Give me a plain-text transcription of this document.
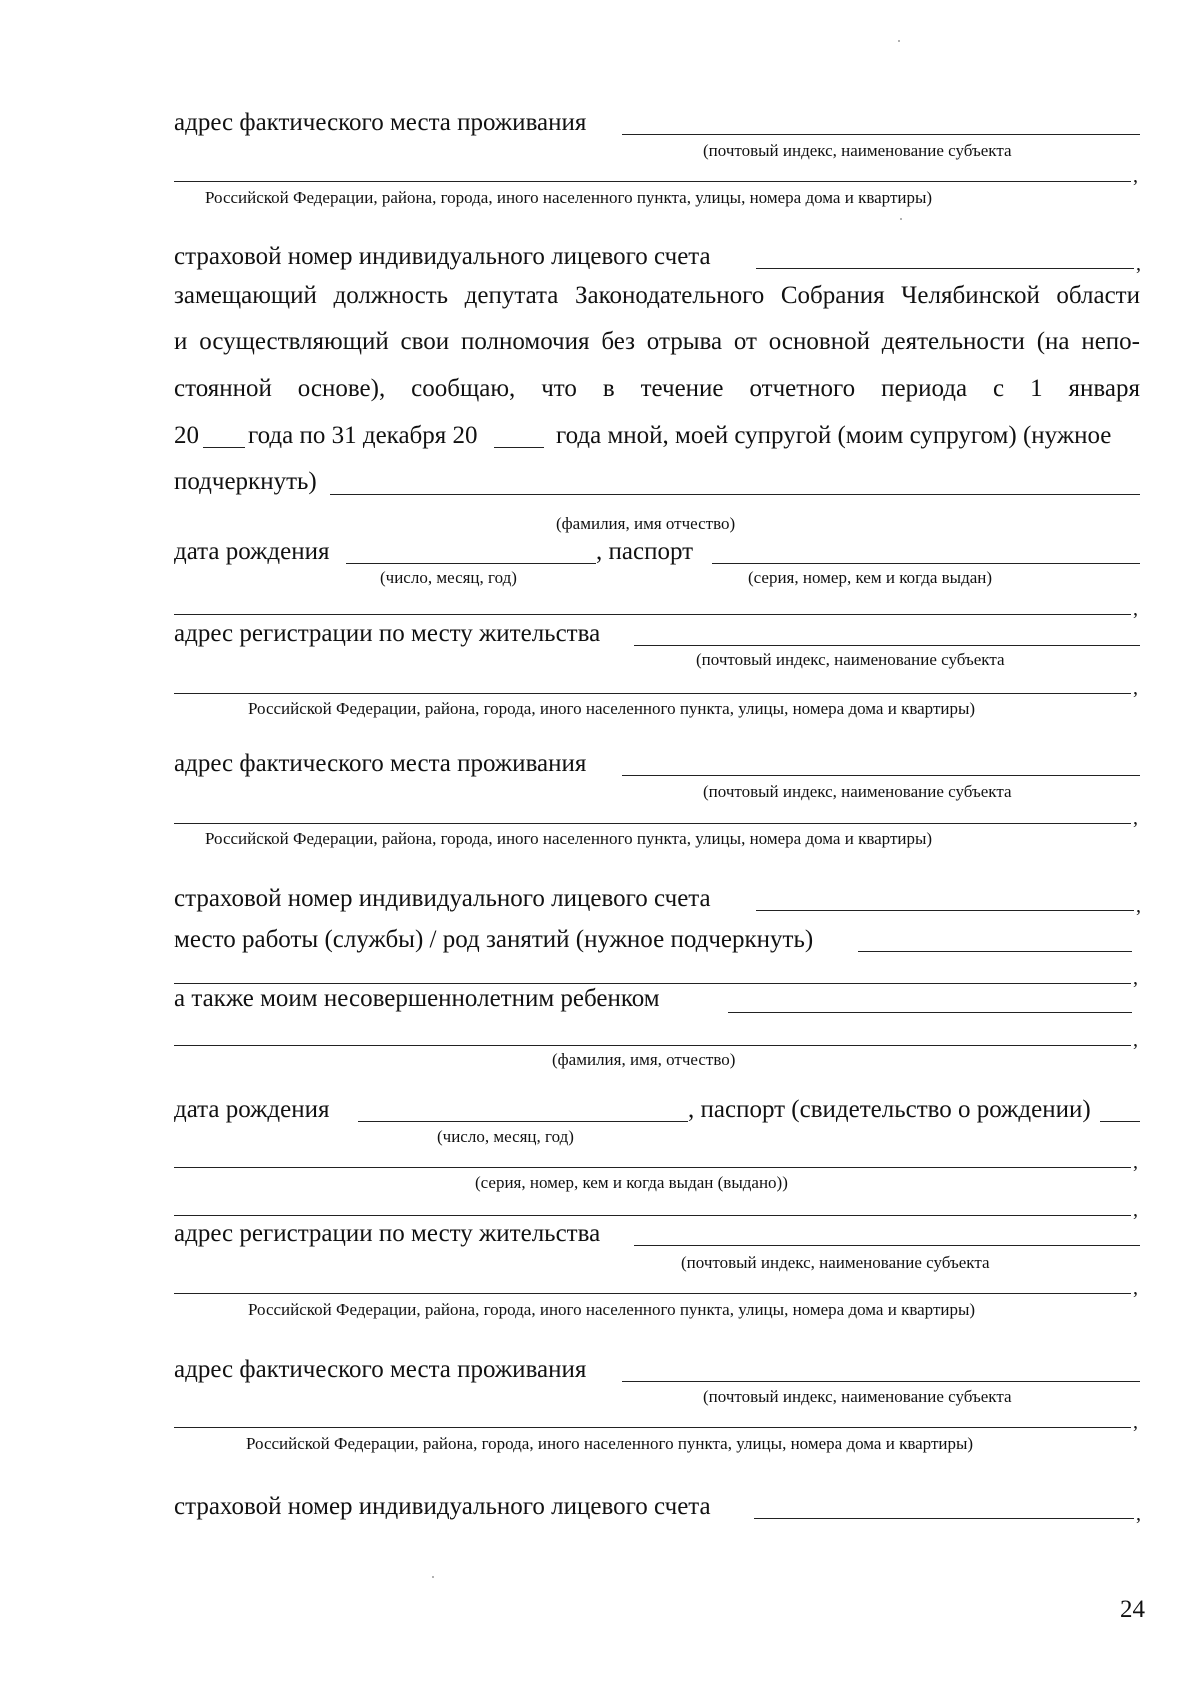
адрес фактического места проживания
(почтовый индекс, наименование субъекта
,
Российской Федерации, района, города, иного населенного пункта, улицы, номера дома и квартиры)
страховой номер индивидуального лицевого счета	,
замещающий должность депутата Законодательного Собрания Челябинской области
и осуществляющий свои полномочия без отрыва от основной деятельности (на непо-
стоянной основе), сообщаю, что в течение отчетного периода с 1 января
20 года по 31 декабря 20	года мной, моей супругой (моим супругом) (нужное
подчеркнуть)
(фамилия, имя отчество)
дата рождения	, паспорт
(число, месяц, год)	(серия, номер, кем и когда выдан)
,
адрес регистрации по месту жительства
(почтовый индекс, наименование субъекта
,
Российской Федерации, района, города, иного населенного пункта, улицы, номера дома и квартиры)
адрес фактического места проживания
(почтовый индекс, наименование субъекта
,
Российской Федерации, района, города, иного населенного пункта, улицы, номера дома и квартиры)
страховой номер индивидуального лицевого счета	,
место работы (службы) / род занятий (нужное подчеркнуть)
,
а также моим несовершеннолетним ребенком
,
(фамилия, имя, отчество)
дата рождения	, паспорт (свидетельство о рождении)
(число, месяц, год)
,
(серия, номер, кем и когда выдан (выдано))
,
адрес регистрации по месту жительства
(почтовый индекс, наименование субъекта
,
Российской Федерации, района, города, иного населенного пункта, улицы, номера дома и квартиры)
адрес фактического места проживания
(почтовый индекс, наименование субъекта
,
Российской Федерации, района, города, иного населенного пункта, улицы, номера дома и квартиры)
страховой номер индивидуального лицевого счета	,
24
